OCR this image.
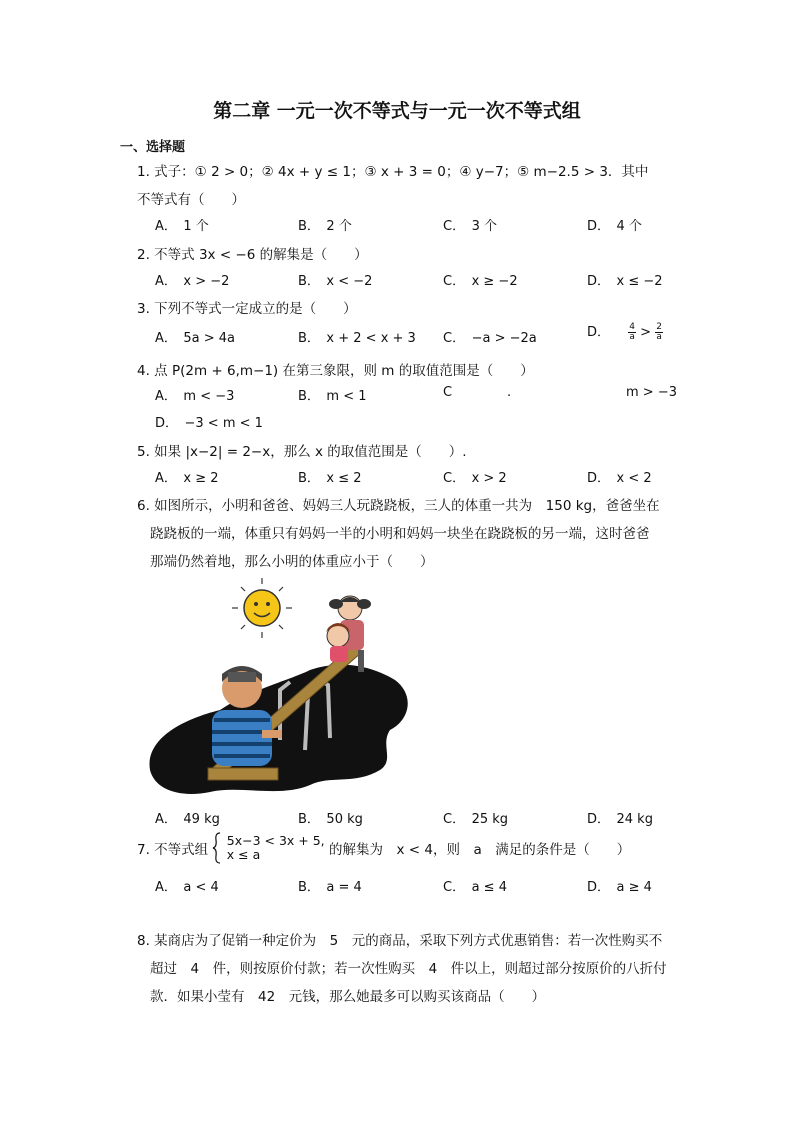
第二章 一元一次不等式与一元一次不等式组
一、选择题
1. 式子：① 2 > 0；② 4x + y ≤ 1；③ x + 3 = 0；④ y−7；⑤ m−2.5 > 3．其中
不等式有（　　）
A．　1 个	B．　2 个	C．　3 个	D．　4 个
2. 不等式 3x < −6 的解集是（　　）
A．　x > −2	B．　x < −2	C．　x ≥ −2	D．　x ≤ −2
3. 下列不等式一定成立的是（　　）
A．　5a > 4a	B．　x + 2 < x + 3 C．　−a > −2a	D． $\frac{4}{a} > \frac{2}{a}$
4. 点 P(2m + 6,m−1) 在第三象限，则 m 的取值范围是（　　）
A．　m < −3	B．　m < 1	C	.	m > −3
D．　−3 < m < 1
5. 如果 |x−2| = 2−x，那么 x 的取值范围是（　　）.
A．　x ≥ 2	B．　x ≤ 2	C．　x > 2	D．　x < 2
6. 如图所示，小明和爸爸、妈妈三人玩跷跷板，三人的体重一共为　150 kg，爸爸坐在
跷跷板的一端，体重只有妈妈一半的小明和妈妈一块坐在跷跷板的另一端，这时爸爸
那端仍然着地，那么小明的体重应小于（　　）
A．　49 kg	B．　50 kg	C．　25 kg	D．　24 kg
7. 不等式组
5x−3 < 3x + 5,
x ≤ a	的解集为　x < 4，则　a　满足的条件是（　　）
A．　a < 4	B．　a = 4	C．　a ≤ 4	D．　a ≥ 4
8. 某商店为了促销一种定价为　5　元的商品，采取下列方式优惠销售：若一次性购买不
超过　4　件，则按原价付款；若一次性购买　4　件以上，则超过部分按原价的八折付
款．如果小莹有　42　元钱，那么她最多可以购买该商品（　　）
